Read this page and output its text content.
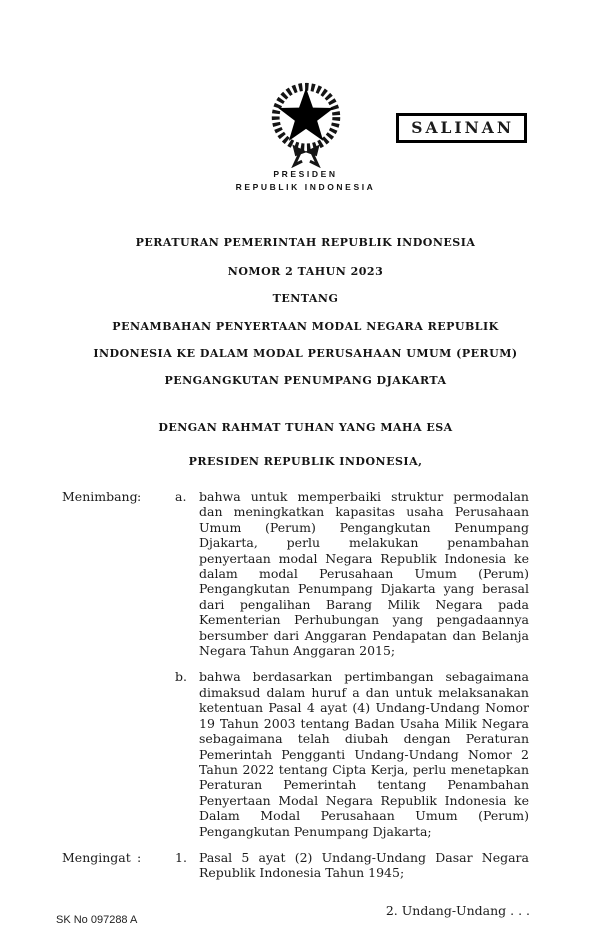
SALINAN
PRESIDEN
REPUBLIK INDONESIA
PERATURAN PEMERINTAH REPUBLIK INDONESIA
NOMOR 2 TAHUN 2023
TENTANG
PENAMBAHAN PENYERTAAN MODAL NEGARA REPUBLIK INDONESIA KE DALAM MODAL PERUSAHAAN UMUM (PERUM) PENGANGKUTAN PENUMPANG DJAKARTA
DENGAN RAHMAT TUHAN YANG MAHA ESA
PRESIDEN REPUBLIK INDONESIA,
Menimbang :	a.	bahwa untuk memperbaiki struktur permodalan dan meningkatkan kapasitas usaha Perusahaan Umum (Perum) Pengangkutan Penumpang Djakarta, perlu melakukan penambahan penyertaan modal Negara Republik Indonesia ke dalam modal Perusahaan Umum (Perum) Pengangkutan Penumpang Djakarta yang berasal dari pengalihan Barang Milik Negara pada Kementerian Perhubungan yang pengadaannya bersumber dari Anggaran Pendapatan dan Belanja Negara Tahun Anggaran 2015;
b. bahwa berdasarkan pertimbangan sebagaimana dimaksud dalam huruf a dan untuk melaksanakan ketentuan Pasal 4 ayat (4) Undang-Undang Nomor 19 Tahun 2003 tentang Badan Usaha Milik Negara sebagaimana telah diubah dengan Peraturan Pemerintah Pengganti Undang-Undang Nomor 2 Tahun 2022 tentang Cipta Kerja, perlu menetapkan Peraturan Pemerintah tentang Penambahan Penyertaan Modal Negara Republik Indonesia ke Dalam Modal Perusahaan Umum (Perum) Pengangkutan Penumpang Djakarta;
Mengingat :	1. Pasal 5 ayat (2) Undang-Undang Dasar Negara Republik Indonesia Tahun 1945;
2. Undang-Undang . . .
SK No 097288 A
